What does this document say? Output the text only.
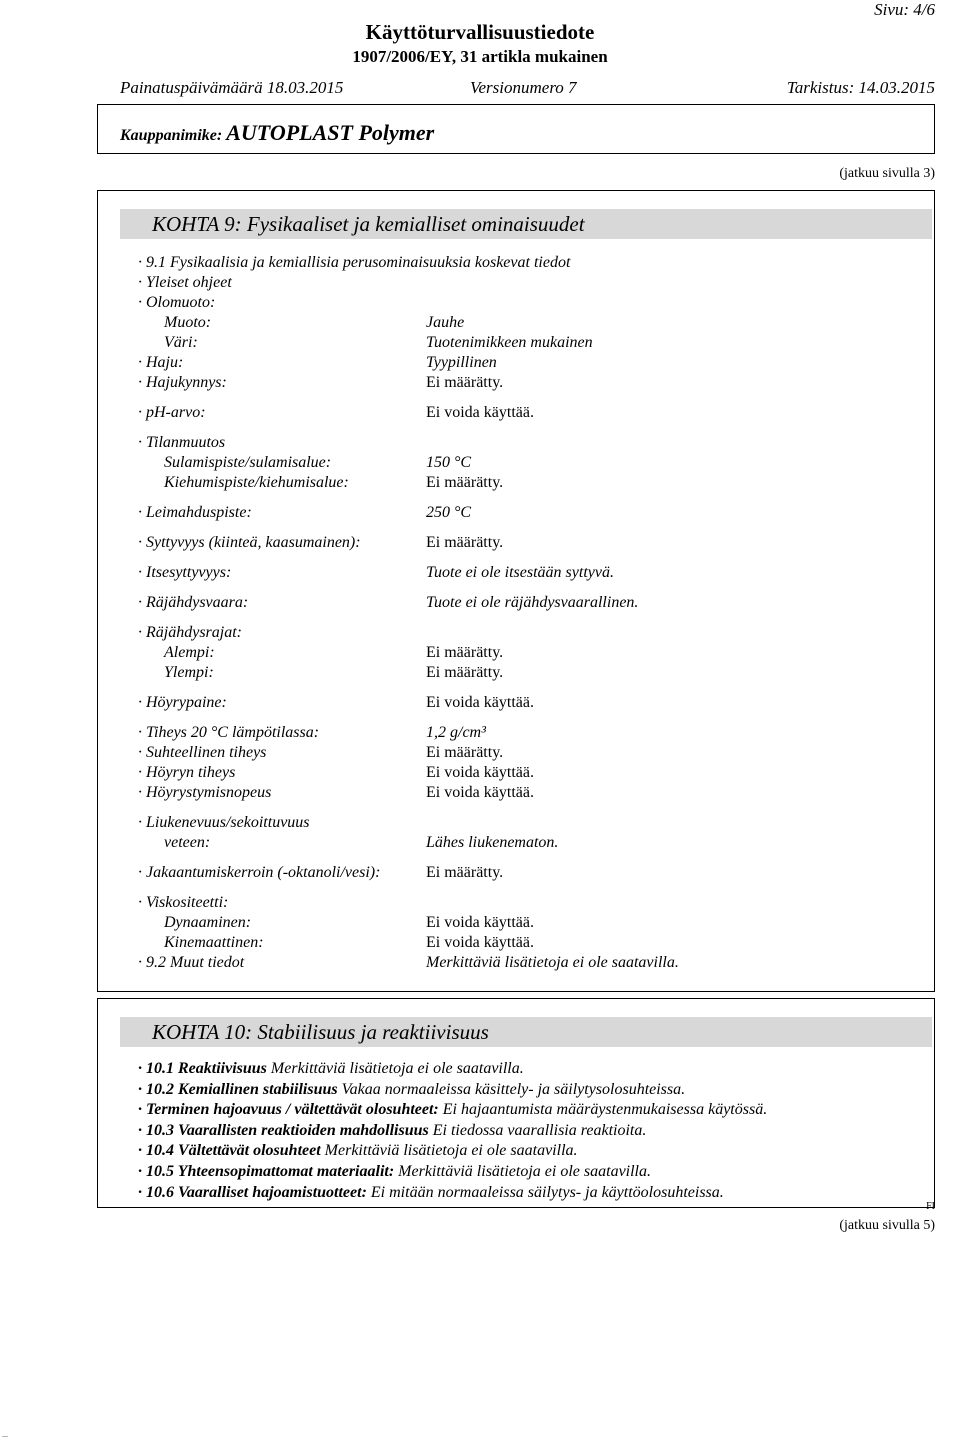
Sivu: 4/6
Käyttöturvallisuustiedote
1907/2006/EY, 31 artikla mukainen
Painatuspäivämäärä 18.03.2015	Versionumero 7	Tarkistus: 14.03.2015
Kauppanimike: AUTOPLAST Polymer
(jatkuu sivulla 3)
KOHTA 9: Fysikaaliset ja kemialliset ominaisuudet
· 9.1 Fysikaalisia ja kemiallisia perusominaisuuksia koskevat tiedot
· Yleiset ohjeet
· Olomuoto:
Muoto:	Jauhe
Väri:	Tuotenimikkeen mukainen
· Haju:	Tyypillinen
· Hajukynnys:	Ei määrätty.
· pH-arvo:	Ei voida käyttää.
· Tilanmuutos
Sulamispiste/sulamisalue:	150 °C
Kiehumispiste/kiehumisalue:	Ei määrätty.
· Leimahduspiste:	250 °C
· Syttyvyys (kiinteä, kaasumainen):	Ei määrätty.
· Itsesyttyvyys:	Tuote ei ole itsestään syttyvä.
· Räjähdysvaara:	Tuote ei ole räjähdysvaarallinen.
· Räjähdysrajat:
Alempi:	Ei määrätty.
Ylempi:	Ei määrätty.
· Höyrypaine:	Ei voida käyttää.
· Tiheys 20 °C lämpötilassa:	1,2 g/cm³
· Suhteellinen tiheys	Ei määrätty.
· Höyryn tiheys	Ei voida käyttää.
· Höyrystymisnopeus	Ei voida käyttää.
· Liukenevuus/sekoittuvuus
veteen:	Lähes liukenematon.
· Jakaantumiskerroin (-oktanoli/vesi):	Ei määrätty.
· Viskositeetti:
Dynaaminen:	Ei voida käyttää.
Kinemaattinen:	Ei voida käyttää.
· 9.2 Muut tiedot	Merkittäviä lisätietoja ei ole saatavilla.
KOHTA 10: Stabiilisuus ja reaktiivisuus
· 10.1 Reaktiivisuus Merkittäviä lisätietoja ei ole saatavilla.
· 10.2 Kemiallinen stabiilisuus Vakaa normaaleissa käsittely- ja säilytysolosuhteissa.
· Terminen hajoavuus / vältettävät olosuhteet: Ei hajaantumista määräystenmukaisessa käytössä.
· 10.3 Vaarallisten reaktioiden mahdollisuus Ei tiedossa vaarallisia reaktioita.
· 10.4 Vältettävät olosuhteet Merkittäviä lisätietoja ei ole saatavilla.
· 10.5 Yhteensopimattomat materiaalit: Merkittäviä lisätietoja ei ole saatavilla.
· 10.6 Vaaralliset hajoamistuotteet: Ei mitään normaaleissa säilytys- ja käyttöolosuhteissa.
FI
(jatkuu sivulla 5)
...
